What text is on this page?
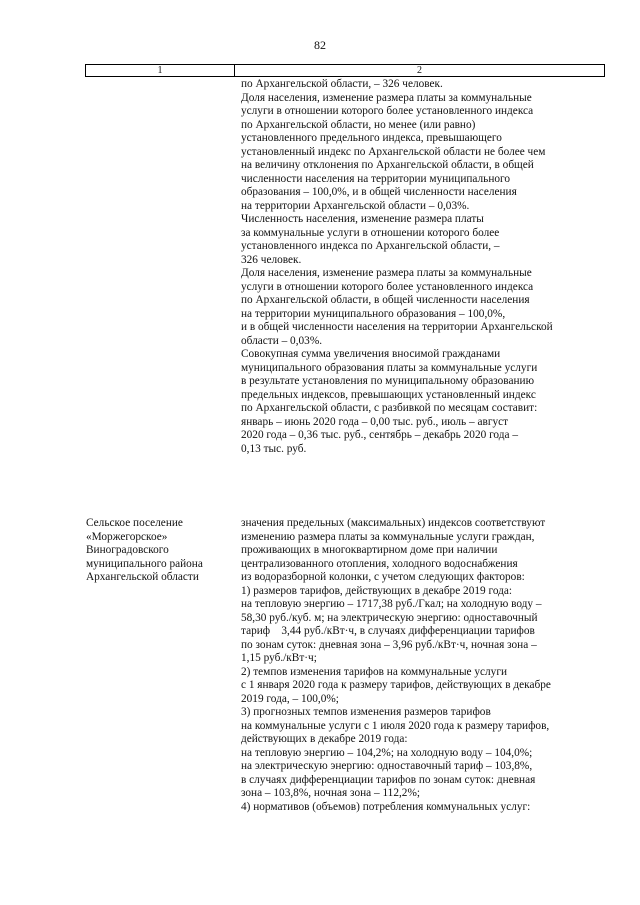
82
1	2
по Архангельской области, – 326 человек.
Доля населения, изменение размера платы за коммунальные
услуги в отношении которого более установленного индекса
по Архангельской области, но менее (или равно)
установленного предельного индекса, превышающего
установленный индекс по Архангельской области не более чем
на величину отклонения по Архангельской области, в общей
численности населения на территории муниципального
образования – 100,0%, и в общей численности населения
на территории Архангельской области – 0,03%.
Численность населения, изменение размера платы
за коммунальные услуги в отношении которого более
установленного индекса по Архангельской области, –
326 человек.
Доля населения, изменение размера платы за коммунальные
услуги в отношении которого более установленного индекса
по Архангельской области, в общей численности населения
на территории муниципального образования – 100,0%,
и в общей численности населения на территории Архангельской
области – 0,03%.
Совокупная сумма увеличения вносимой гражданами
муниципального образования платы за коммунальные услуги
в результате установления по муниципальному образованию
предельных индексов, превышающих установленный индекс
по Архангельской области, с разбивкой по месяцам составит:
январь – июнь 2020 года – 0,00 тыс. руб., июль – август
2020 года – 0,36 тыс. руб., сентябрь – декабрь 2020 года –
0,13 тыс. руб.
Сельское поселение
«Моржегорское»
Виноградовского
муниципального района
Архангельской области
значения предельных (максимальных) индексов соответствуют
изменению размера платы за коммунальные услуги граждан,
проживающих в многоквартирном доме при наличии
централизованного отопления, холодного водоснабжения
из водоразборной колонки, с учетом следующих факторов:
1) размеров тарифов, действующих в декабре 2019 года:
на тепловую энергию – 1717,38 руб./Гкал; на холодную воду –
58,30 руб./куб. м; на электрическую энергию: одноставочный
тариф    3,44 руб./кВт·ч, в случаях дифференциации тарифов
по зонам суток: дневная зона – 3,96 руб./кВт·ч, ночная зона –
1,15 руб./кВт·ч;
2) темпов изменения тарифов на коммунальные услуги
с 1 января 2020 года к размеру тарифов, действующих в декабре
2019 года, – 100,0%;
3) прогнозных темпов изменения размеров тарифов
на коммунальные услуги с 1 июля 2020 года к размеру тарифов,
действующих в декабре 2019 года:
на тепловую энергию – 104,2%; на холодную воду – 104,0%;
на электрическую энергию: одноставочный тариф – 103,8%,
в случаях дифференциации тарифов по зонам суток: дневная
зона – 103,8%, ночная зона – 112,2%;
4) нормативов (объемов) потребления коммунальных услуг:
